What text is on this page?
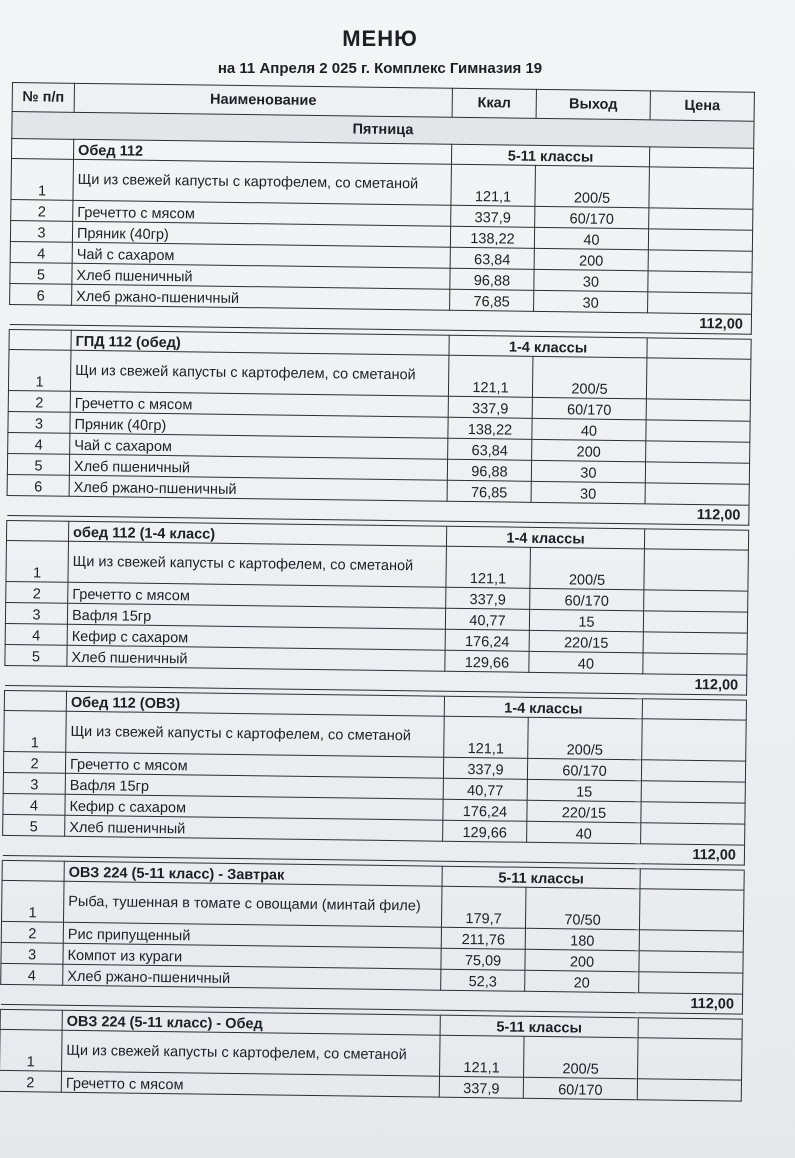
МЕНЮ
на 11 Апреля 2 025 г. Комплекс Гимназия 19
№ п/п	Наименование	Ккал	Выход	Цена
Пятница				
	Обед 112	5-11 классы		
1	Щи из свежей капусты с картофелем, со сметаной	121,1	200/5	
2	Гречетто с мясом	337,9	60/170	
3	Пряник (40гр)	138,22	40	
4	Чай с сахаром	63,84	200	
5	Хлеб пшеничный	96,88	30	
6	Хлеб ржано-пшеничный	76,85	30	
				112,00

	ГПД 112 (обед)	1-4 классы		
1	Щи из свежей капусты с картофелем, со сметаной	121,1	200/5	
2	Гречетто с мясом	337,9	60/170	
3	Пряник (40гр)	138,22	40	
4	Чай с сахаром	63,84	200	
5	Хлеб пшеничный	96,88	30	
6	Хлеб ржано-пшеничный	76,85	30	
				112,00

	обед 112 (1-4 класс)	1-4 классы		
1	Щи из свежей капусты с картофелем, со сметаной	121,1	200/5	
2	Гречетто с мясом	337,9	60/170	
3	Вафля 15гр	40,77	15	
4	Кефир с сахаром	176,24	220/15	
5	Хлеб пшеничный	129,66	40	
				112,00

	Обед 112 (ОВЗ)	1-4 классы		
1	Щи из свежей капусты с картофелем, со сметаной	121,1	200/5	
2	Гречетто с мясом	337,9	60/170	
3	Вафля 15гр	40,77	15	
4	Кефир с сахаром	176,24	220/15	
5	Хлеб пшеничный	129,66	40	
				112,00

	ОВЗ 224 (5-11 класс) - Завтрак	5-11 классы		
1	Рыба, тушенная в томате с овощами (минтай филе)	179,7	70/50	
2	Рис припущенный	211,76	180	
3	Компот из кураги	75,09	200	
4	Хлеб ржано-пшеничный	52,3	20	
				112,00

	ОВЗ 224 (5-11 класс) - Обед	5-11 классы		
1	Щи из свежей капусты с картофелем, со сметаной	121,1	200/5	
2	Гречетто с мясом	337,9	60/170	
